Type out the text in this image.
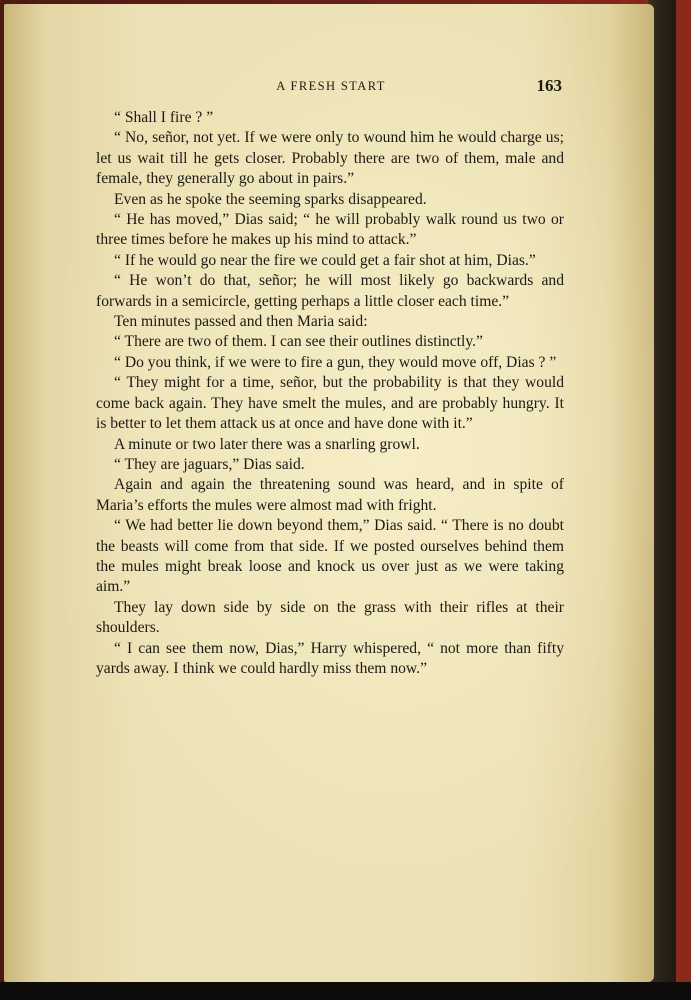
A FRESH START	163

“ Shall I fire ? ”

“ No, señor, not yet. If we were only to wound him he would charge us; let us wait till he gets closer. Probably there are two of them, male and female, they generally go about in pairs.”

Even as he spoke the seeming sparks disappeared.

“ He has moved,” Dias said; “ he will probably walk round us two or three times before he makes up his mind to attack.”

“ If he would go near the fire we could get a fair shot at him, Dias.”

“ He won’t do that, señor; he will most likely go backwards and forwards in a semicircle, getting perhaps a little closer each time.”

Ten minutes passed and then Maria said:

“ There are two of them. I can see their outlines distinctly.”

“ Do you think, if we were to fire a gun, they would move off, Dias ? ”

“ They might for a time, señor, but the probability is that they would come back again. They have smelt the mules, and are probably hungry. It is better to let them attack us at once and have done with it.”

A minute or two later there was a snarling growl.

“ They are jaguars,” Dias said.

Again and again the threatening sound was heard, and in spite of Maria’s efforts the mules were almost mad with fright.

“ We had better lie down beyond them,” Dias said. “ There is no doubt the beasts will come from that side. If we posted ourselves behind them the mules might break loose and knock us over just as we were taking aim.”

They lay down side by side on the grass with their rifles at their shoulders.

“ I can see them now, Dias,” Harry whispered, “ not more than fifty yards away. I think we could hardly miss them now.”
